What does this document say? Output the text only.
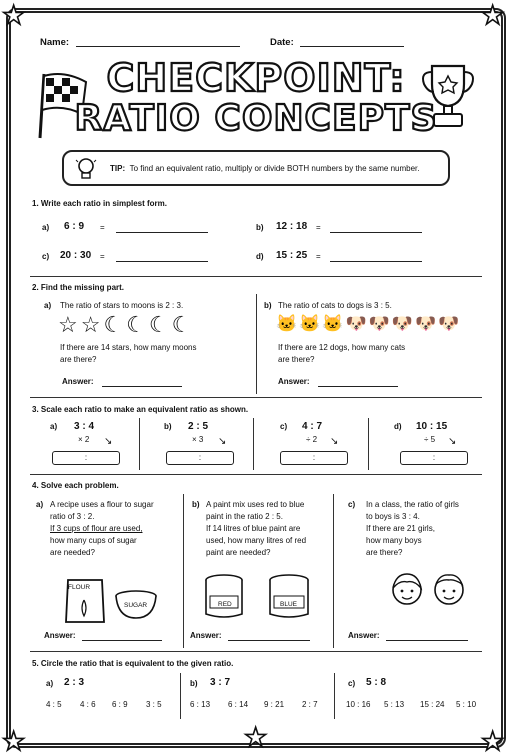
★	★
★	★
★
Name:	Date:
CHECKPOINT:
RATIO CONCEPTS
TIP: To find an equivalent ratio, multiply or divide BOTH numbers by the same number.
1. Write each ratio in simplest form.
a) 6 : 9 =	b) 12 : 18 =
c) 20 : 30 =	d) 15 : 25 =
2. Find the missing part.
a) The ratio of stars to moons is 2 : 3.
☆☆☾☾☾☾
If there are 14 stars, how many moons
are there?
Answer:
b) The ratio of cats to dogs is 3 : 5.
🐱🐱🐱🐶🐶🐶🐶🐶
If there are 12 dogs, how many cats
are there?
Answer:
3. Scale each ratio to make an equivalent ratio as shown.
a) 3 : 4
× 2 ↘
:
b) 2 : 5
× 3 ↘
:
c) 4 : 7
÷ 2 ↘
:
d) 10 : 15
÷ 5 ↘
:
4. Solve each problem.
a) A recipe uses a flour to sugar
ratio of 3 : 2.
If 3 cups of flour are used,
how many cups of sugar
are needed?
FLOUR
SUGAR
Answer:
b) A paint mix uses red to blue
paint in the ratio 2 : 5.
If 14 litres of blue paint are
used, how many litres of red
paint are needed?
RED	BLUE
Answer:
c) In a class, the ratio of girls
to boys is 3 : 4.
If there are 21 girls,
how many boys
are there?
Answer:
5. Circle the ratio that is equivalent to the given ratio.
a) 2 : 3
4 : 5 4 : 6 6 : 9 3 : 5
b) 3 : 7
6 : 13 6 : 14 9 : 21 2 : 7
c) 5 : 8
10 : 16 5 : 13 15 : 24 5 : 10
